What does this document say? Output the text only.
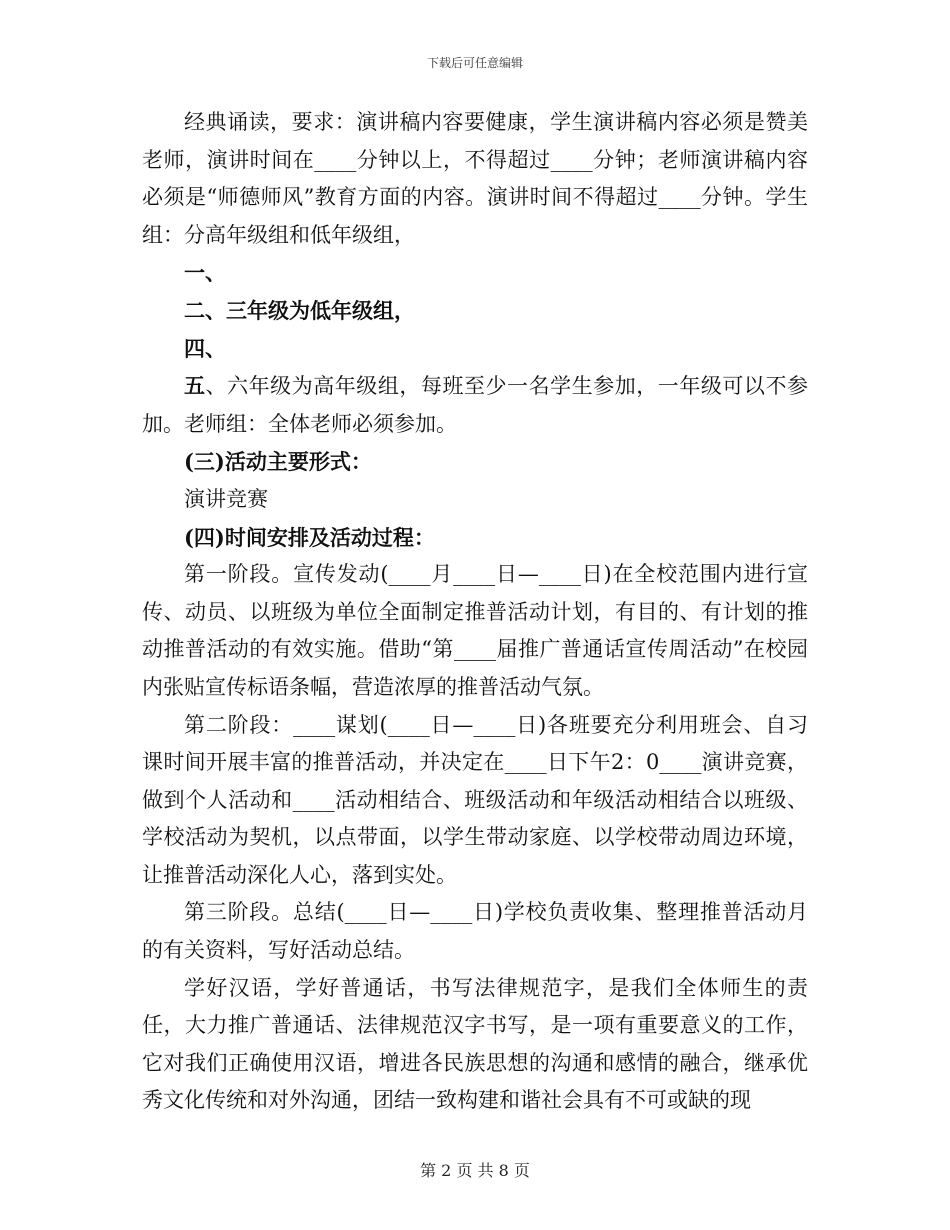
下载后可任意编辑

经典诵读，要求：演讲稿内容要健康，学生演讲稿内容必须是赞美老师，演讲时间在____分钟以上，不得超过____分钟；老师演讲稿内容必须是“师德师风”教育方面的内容。演讲时间不得超过____分钟。学生组：分高年级组和低年级组，

一、

二、三年级为低年级组，

四、

五、六年级为高年级组，每班至少一名学生参加，一年级可以不参加。老师组：全体老师必须参加。

(三)活动主要形式：

演讲竞赛

(四)时间安排及活动过程：

第一阶段。宣传发动(____月____日—____日)在全校范围内进行宣传、动员、以班级为单位全面制定推普活动计划，有目的、有计划的推动推普活动的有效实施。借助“第____届推广普通话宣传周活动”在校园内张贴宣传标语条幅，营造浓厚的推普活动气氛。

第二阶段：____谋划(____日—____日)各班要充分利用班会、自习课时间开展丰富的推普活动，并决定在____日下午2：0____演讲竞赛，做到个人活动和____活动相结合、班级活动和年级活动相结合以班级、学校活动为契机，以点带面，以学生带动家庭、以学校带动周边环境，让推普活动深化人心，落到实处。

第三阶段。总结(____日—____日)学校负责收集、整理推普活动月的有关资料，写好活动总结。

学好汉语，学好普通话，书写法律规范字，是我们全体师生的责任，大力推广普通话、法律规范汉字书写，是一项有重要意义的工作，它对我们正确使用汉语，增进各民族思想的沟通和感情的融合，继承优秀文化传统和对外沟通，团结一致构建和谐社会具有不可或缺的现

第 2 页 共 8 页
